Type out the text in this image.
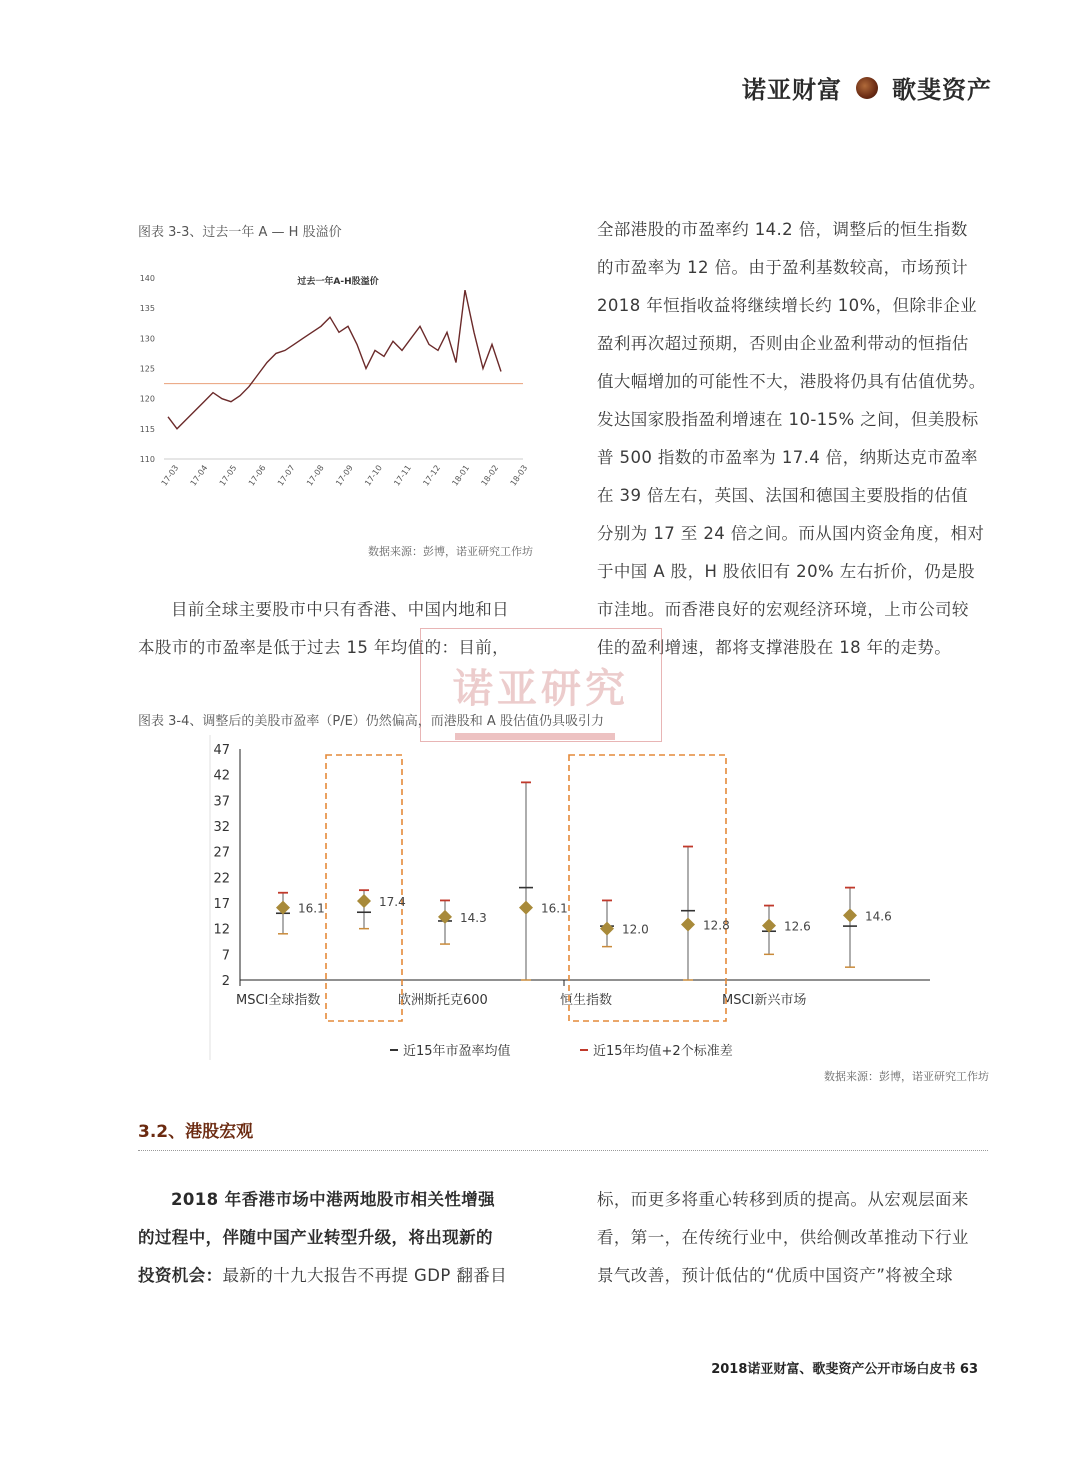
诺亚财富 歌斐资产
图表 3-3、过去一年 A — H 股溢价
110
115
120
125
130
135
140
17-03 17-04 17-05 17-06 17-07 17-08 17-09 17-10 17-11 17-12 18-01 18-02 18-03
过去一年A-H股溢价
数据来源：彭博，诺亚研究工作坊

全部港股的市盈率约 14.2 倍，调整后的恒生指数

的市盈率为 12 倍。由于盈利基数较高，市场预计

2018 年恒指收益将继续增长约 10%，但除非企业

盈利再次超过预期，否则由企业盈利带动的恒指估

值大幅增加的可能性不大，港股将仍具有估值优势。

发达国家股指盈利增速在 10-15% 之间，但美股标

普 500 指数的市盈率为 17.4 倍，纳斯达克市盈率

在 39 倍左右，英国、法国和德国主要股指的估值

分别为 17 至 24 倍之间。而从国内资金角度，相对

于中国 A 股，H 股依旧有 20% 左右折价，仍是股

市洼地。而香港良好的宏观经济环境，上市公司较

佳的盈利增速，都将支撑港股在 18 年的走势。

目前全球主要股市中只有香港、中国内地和日

本股市的市盈率是低于过去 15 年均值的：目前，

诺亚研究
图表 3-4、调整后的美股市盈率（P/E）仍然偏高，而港股和 A 股估值仍具吸引力
2
7
12
17
22
27
32
37
42
47
MSCI全球指数	欧洲斯托克600	恒生指数	MSCI新兴市场
16.1	17.4
14.3
16.1
12.0	12.8	12.6
14.6
近15年市盈率均值	近15年均值+2个标准差
数据来源：彭博，诺亚研究工作坊
3.2、港股宏观

2018 年香港市场中港两地股市相关性增强

的过程中，伴随中国产业转型升级，将出现新的

投资机会：最新的十九大报告不再提 GDP 翻番目

标，而更多将重心转移到质的提高。从宏观层面来

看，第一，在传统行业中，供给侧改革推动下行业

景气改善，预计低估的“优质中国资产”将被全球

2018诺亚财富、歌斐资产公开市场白皮书 63
